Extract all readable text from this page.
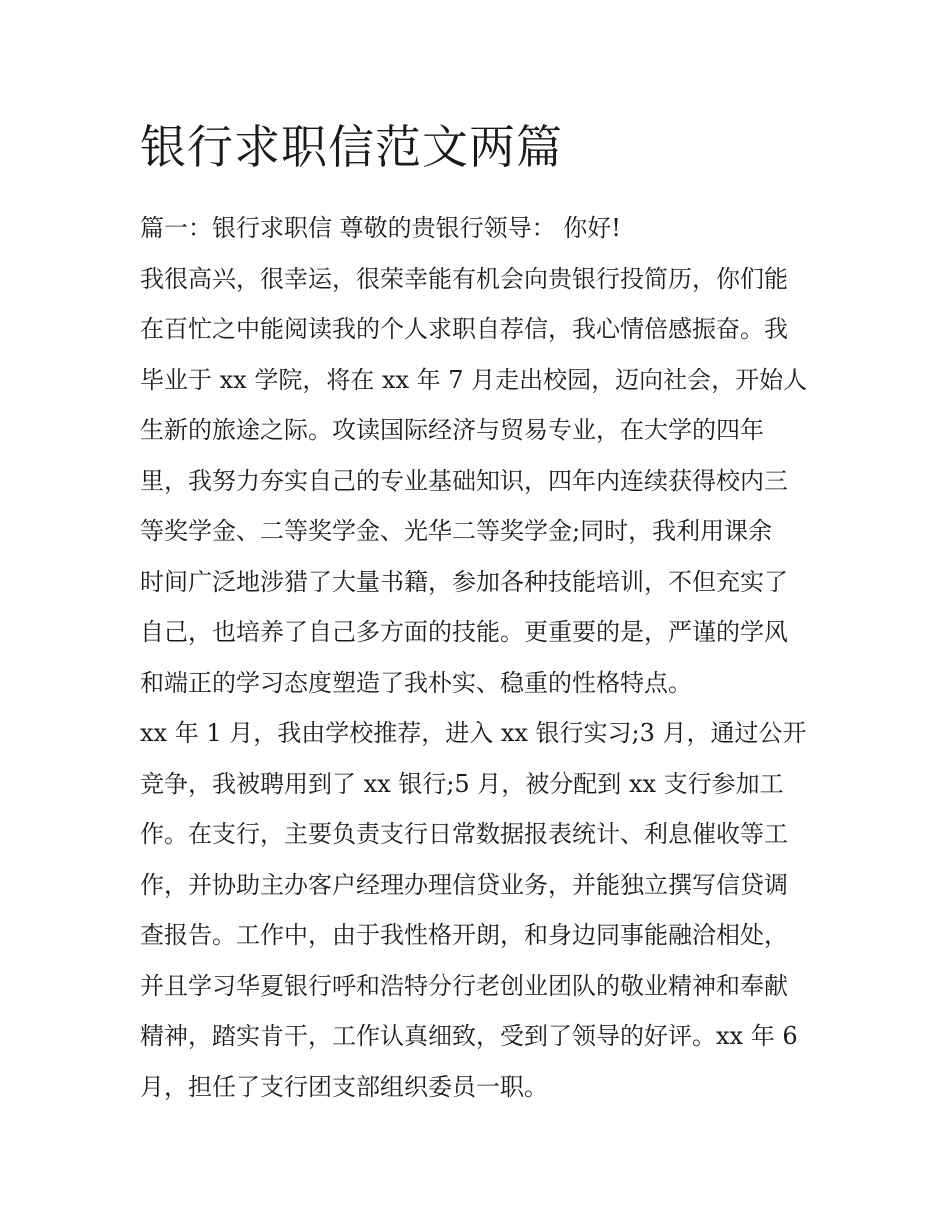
银行求职信范文两篇
篇一：银行求职信 尊敬的贵银行领导： 你好!
我很高兴，很幸运，很荣幸能有机会向贵银行投简历，你们能
在百忙之中能阅读我的个人求职自荐信，我心情倍感振奋。我
毕业于 xx 学院，将在 xx 年 7 月走出校园，迈向社会，开始人
生新的旅途之际。攻读国际经济与贸易专业，在大学的四年
里，我努力夯实自己的专业基础知识，四年内连续获得校内三
等奖学金、二等奖学金、光华二等奖学金;同时，我利用课余
时间广泛地涉猎了大量书籍，参加各种技能培训，不但充实了
自己，也培养了自己多方面的技能。更重要的是，严谨的学风
和端正的学习态度塑造了我朴实、稳重的性格特点。
xx 年 1 月，我由学校推荐，进入 xx 银行实习;3 月，通过公开
竞争，我被聘用到了 xx 银行;5 月，被分配到 xx 支行参加工
作。在支行，主要负责支行日常数据报表统计、利息催收等工
作，并协助主办客户经理办理信贷业务，并能独立撰写信贷调
查报告。工作中，由于我性格开朗，和身边同事能融洽相处，
并且学习华夏银行呼和浩特分行老创业团队的敬业精神和奉献
精神，踏实肯干，工作认真细致，受到了领导的好评。xx 年 6
月，担任了支行团支部组织委员一职。
